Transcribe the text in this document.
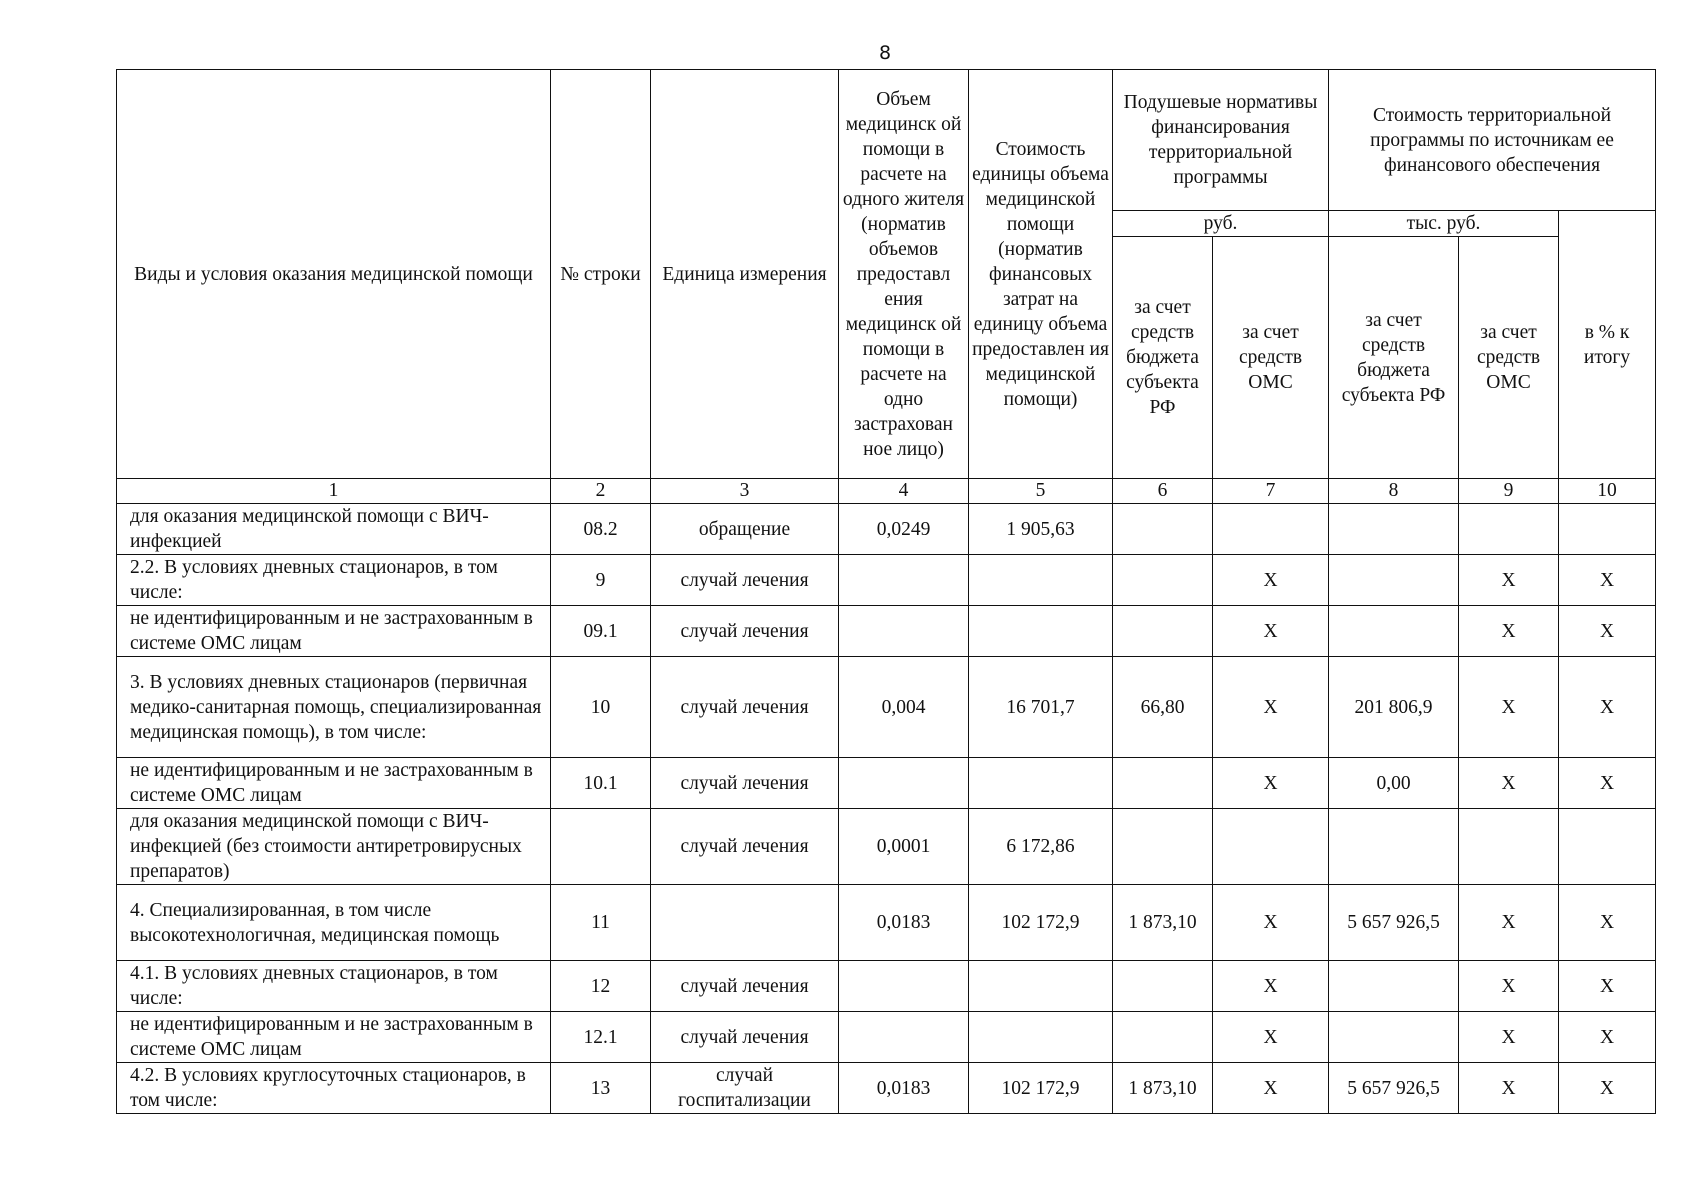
8
Виды и условия оказания медицинской помощи	№ строки	Единица измерения	Объем медицинск ой помощи в расчете на одного жителя (норматив объемов предоставл ения медицинск ой помощи в расчете на одно застрахован ное лицо)	Стоимость единицы объема медицинской помощи (норматив финансовых затрат на единицу объема предоставлен ия медицинской помощи)	Подушевые нормативы финансирования территориальной программы		Стоимость территориальной программы по источникам ее финансового обеспечения		
					руб.		тыс. руб.		в % к итогу
					за счет средств бюджета субъекта РФ	за счет средств ОМС	за счет средств бюджета субъекта РФ	за счет средств ОМС	
1	2	3	4	5	6	7	8	9	10
для оказания медицинской помощи с ВИЧ-инфекцией	08.2	обращение	0,0249	1 905,63					
2.2. В условиях дневных стационаров, в том числе:	9	случай лечения				X		X	X
не идентифицированным и не застрахованным в системе ОМС лицам	09.1	случай лечения				X		X	X
3. В условиях дневных стационаров (первичная медико-санитарная помощь, специализированная медицинская помощь), в том числе:	10	случай лечения	0,004	16 701,7	66,80	X	201 806,9	X	X
не идентифицированным и не застрахованным в системе ОМС лицам	10.1	случай лечения				X	0,00	X	X
для оказания медицинской помощи с ВИЧ-инфекцией (без стоимости антиретровирусных препаратов)		случай лечения	0,0001	6 172,86					
4. Специализированная, в том числе высокотехнологичная, медицинская помощь	11		0,0183	102 172,9	1 873,10	X	5 657 926,5	X	X
4.1. В условиях дневных стационаров, в том числе:	12	случай лечения				X		X	X
не идентифицированным и не застрахованным в системе ОМС лицам	12.1	случай лечения				X		X	X
4.2. В условиях круглосуточных стационаров, в том числе:	13	случай госпитализации	0,0183	102 172,9	1 873,10	X	5 657 926,5	X	X
